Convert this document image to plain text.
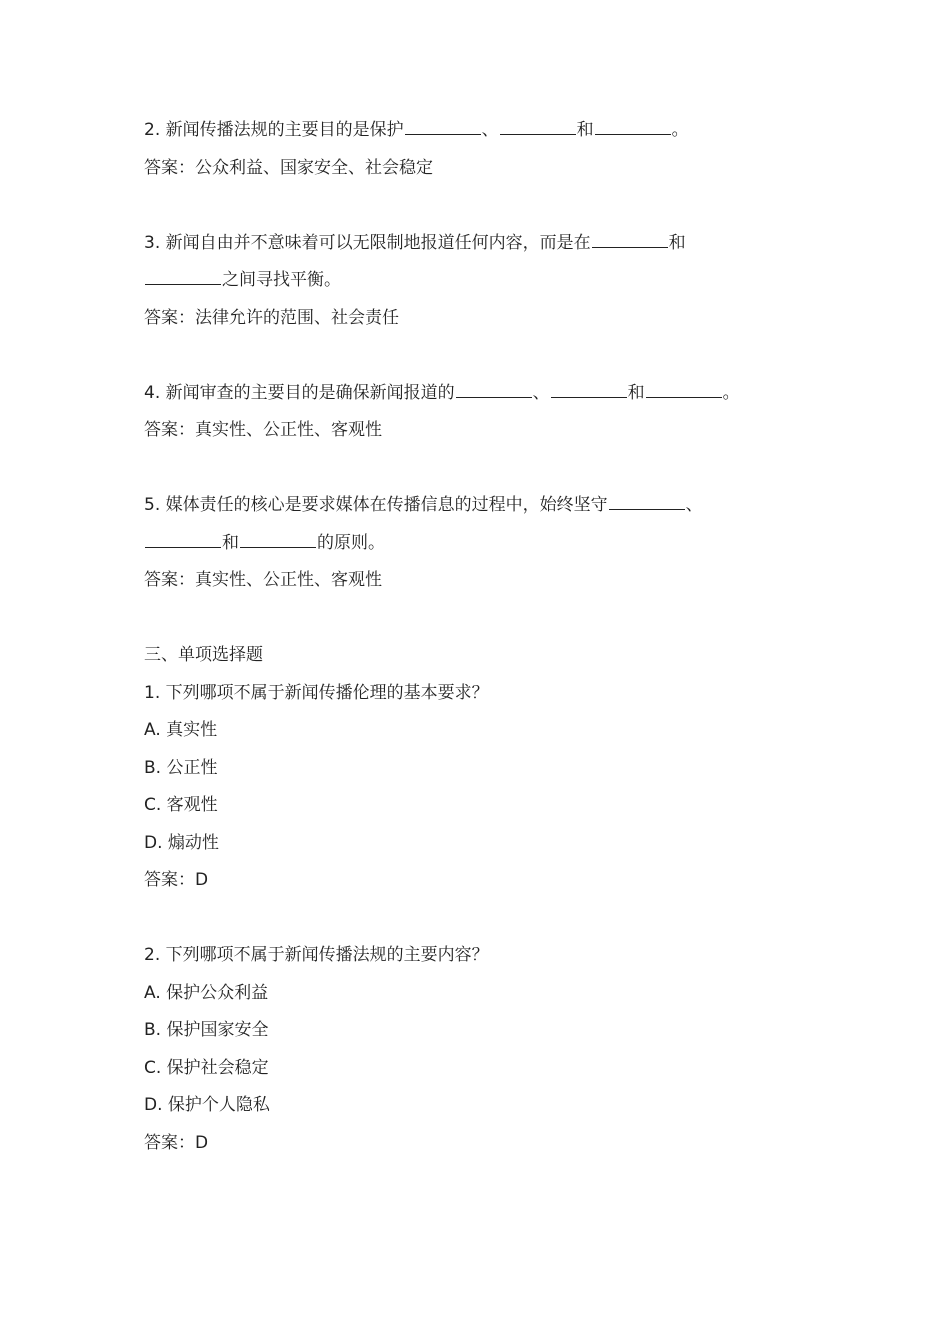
2. 新闻传播法规的主要目的是保护	、	和	。
答案：公众利益、国家安全、社会稳定
3. 新闻自由并不意味着可以无限制地报道任何内容，而是在	和
之间寻找平衡。
答案：法律允许的范围、社会责任
4. 新闻审查的主要目的是确保新闻报道的	、	和	。
答案：真实性、公正性、客观性
5. 媒体责任的核心是要求媒体在传播信息的过程中，始终坚守	、
和	的原则。
答案：真实性、公正性、客观性
三、单项选择题
1. 下列哪项不属于新闻传播伦理的基本要求？
A. 真实性
B. 公正性
C. 客观性
D. 煽动性
答案：D
2. 下列哪项不属于新闻传播法规的主要内容？
A. 保护公众利益
B. 保护国家安全
C. 保护社会稳定
D. 保护个人隐私
答案：D
